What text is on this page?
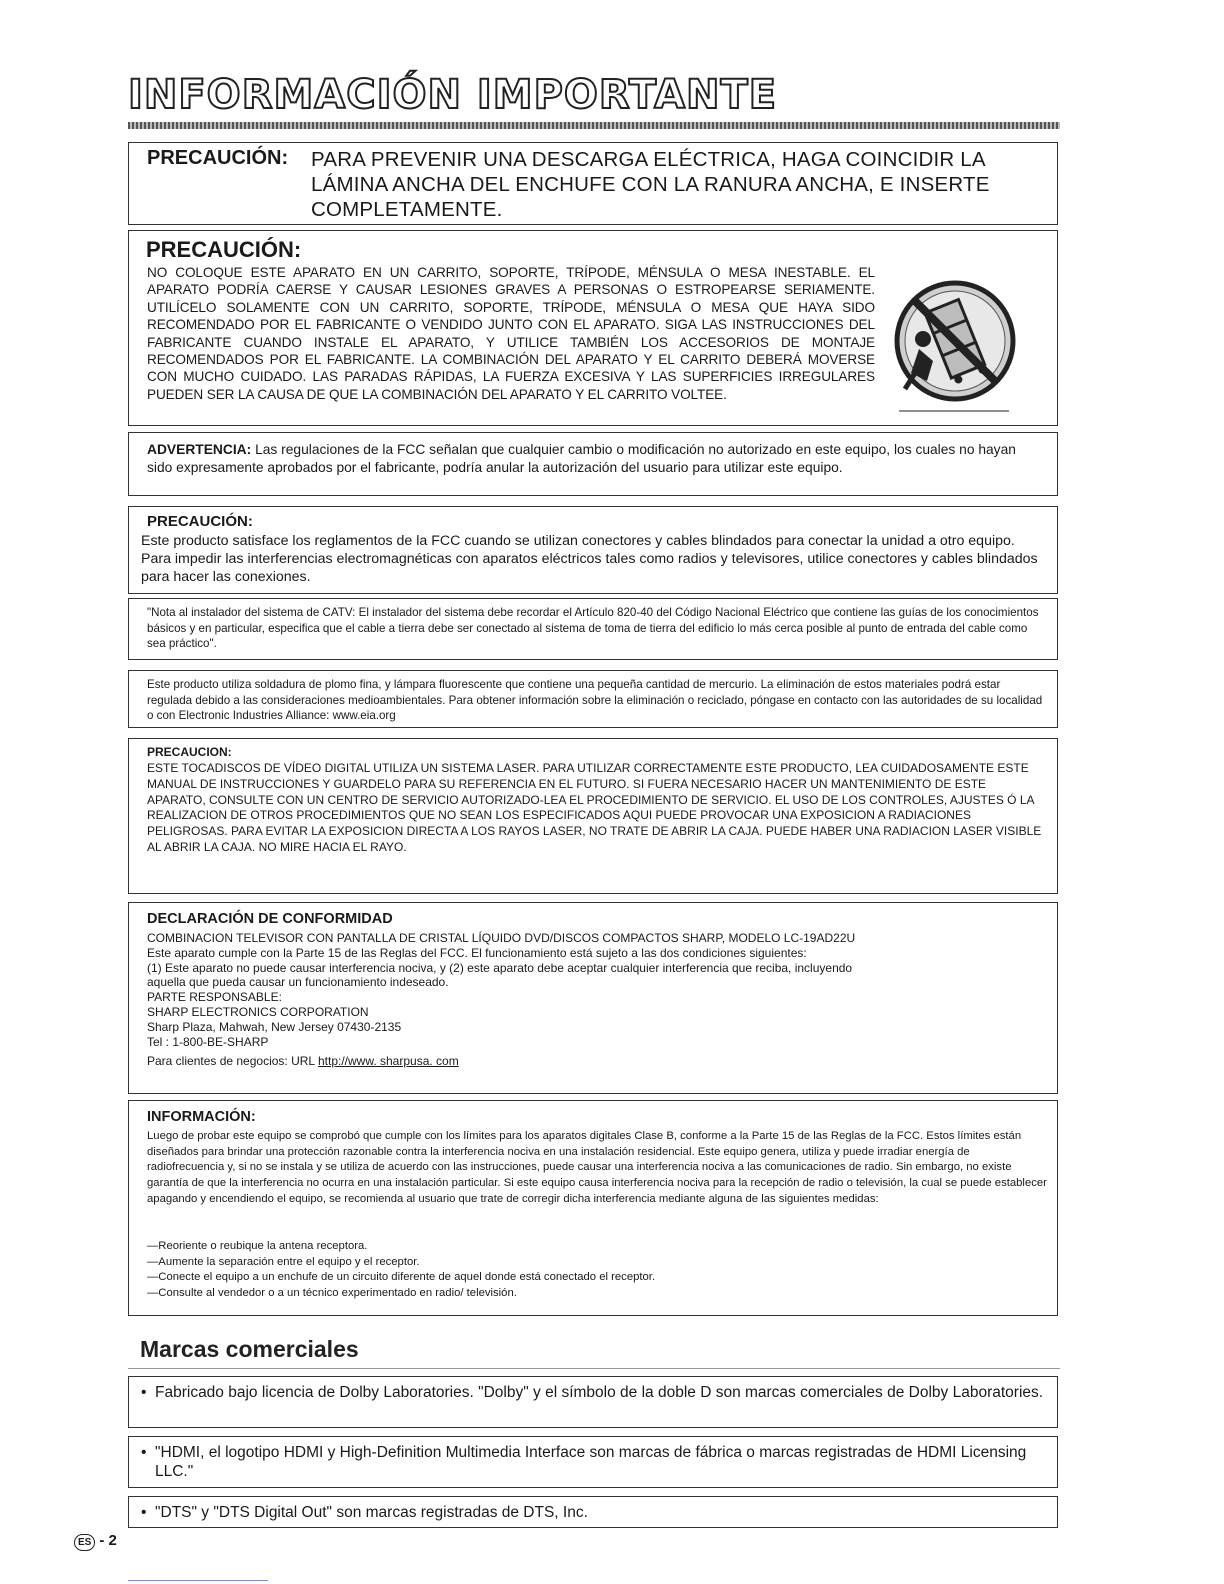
INFORMACIÓN IMPORTANTE
PRECAUCIÓN: PARA PREVENIR UNA DESCARGA ELÉCTRICA, HAGA COINCIDIR LA LÁMINA ANCHA DEL ENCHUFE CON LA RANURA ANCHA, E INSERTE COMPLETAMENTE.

PRECAUCIÓN:

NO COLOQUE ESTE APARATO EN UN CARRITO, SOPORTE, TRÍPODE, MÉNSULA O MESA INESTABLE. EL APARATO PODRÍA CAERSE Y CAUSAR LESIONES GRAVES A PERSONAS O ESTROPEARSE SERIAMENTE. UTILÍCELO SOLAMENTE CON UN CARRITO, SOPORTE, TRÍPODE, MÉNSULA O MESA QUE HAYA SIDO RECOMENDADO POR EL FABRICANTE O VENDIDO JUNTO CON EL APARATO. SIGA LAS INSTRUCCIONES DEL FABRICANTE CUANDO INSTALE EL APARATO, Y UTILICE TAMBIÉN LOS ACCESORIOS DE MONTAJE RECOMENDADOS POR EL FABRICANTE. LA COMBINACIÓN DEL APARATO Y EL CARRITO DEBERÁ MOVERSE CON MUCHO CUIDADO. LAS PARADAS RÁPIDAS, LA FUERZA EXCESIVA Y LAS SUPERFICIES IRREGULARES PUEDEN SER LA CAUSA DE QUE LA COMBINACIÓN DEL APARATO Y EL CARRITO VOLTEE.

ADVERTENCIA: Las regulaciones de la FCC señalan que cualquier cambio o modificación no autorizado en este equipo, los cuales no hayan sido expresamente aprobados por el fabricante, podría anular la autorización del usuario para utilizar este equipo.

PRECAUCIÓN:

Este producto satisface los reglamentos de la FCC cuando se utilizan conectores y cables blindados para conectar la unidad a otro equipo. Para impedir las interferencias electromagnéticas con aparatos eléctricos tales como radios y televisores, utilice conectores y cables blindados para hacer las conexiones.

"Nota al instalador del sistema de CATV: El instalador del sistema debe recordar el Artículo 820-40 del Código Nacional Eléctrico que contiene las guías de los conocimientos básicos y en particular, especifica que el cable a tierra debe ser conectado al sistema de toma de tierra del edificio lo más cerca posible al punto de entrada del cable como sea práctico".

Este producto utiliza soldadura de plomo fina, y lámpara fluorescente que contiene una pequeña cantidad de mercurio. La eliminación de estos materiales podrá estar regulada debido a las consideraciones medioambientales. Para obtener información sobre la eliminación o reciclado, póngase en contacto con las autoridades de su localidad o con Electronic Industries Alliance: www.eia.org

PRECAUCION:

ESTE TOCADISCOS DE VÍDEO DIGITAL UTILIZA UN SISTEMA LASER. PARA UTILIZAR CORRECTAMENTE ESTE PRODUCTO, LEA CUIDADOSAMENTE ESTE MANUAL DE INSTRUCCIONES Y GUARDELO PARA SU REFERENCIA EN EL FUTURO. SI FUERA NECESARIO HACER UN MANTENIMIENTO DE ESTE APARATO, CONSULTE CON UN CENTRO DE SERVICIO AUTORIZADO-LEA EL PROCEDIMIENTO DE SERVICIO. EL USO DE LOS CONTROLES, AJUSTES Ó LA REALIZACION DE OTROS PROCEDIMIENTOS QUE NO SEAN LOS ESPECIFICADOS AQUI PUEDE PROVOCAR UNA EXPOSICION A RADIACIONES PELIGROSAS. PARA EVITAR LA EXPOSICION DIRECTA A LOS RAYOS LASER, NO TRATE DE ABRIR LA CAJA. PUEDE HABER UNA RADIACION LASER VISIBLE AL ABRIR LA CAJA. NO MIRE HACIA EL RAYO.

DECLARACIÓN DE CONFORMIDAD
COMBINACION TELEVISOR CON PANTALLA DE CRISTAL LÍQUIDO DVD/DISCOS COMPACTOS SHARP, MODELO LC-19AD22U
Este aparato cumple con la Parte 15 de las Reglas del FCC. El funcionamiento está sujeto a las dos condiciones siguientes:
(1) Este aparato no puede causar interferencia nociva, y (2) este aparato debe aceptar cualquier interferencia que reciba, incluyendo
aquella que pueda causar un funcionamiento indeseado.
PARTE RESPONSABLE:
SHARP ELECTRONICS CORPORATION
Sharp Plaza, Mahwah, New Jersey 07430-2135
Tel : 1-800-BE-SHARP
Para clientes de negocios: URL http://www. sharpusa. com
INFORMACIÓN:

Luego de probar este equipo se comprobó que cumple con los límites para los aparatos digitales Clase B, conforme a la Parte 15 de las Reglas de la FCC. Estos límites están diseñados para brindar una protección razonable contra la interferencia nociva en una instalación residencial. Este equipo genera, utiliza y puede irradiar energía de radiofrecuencia y, si no se instala y se utiliza de acuerdo con las instrucciones, puede causar una interferencia nociva a las comunicaciones de radio. Sin embargo, no existe garantía de que la interferencia no ocurra en una instalación particular. Si este equipo causa interferencia nociva para la recepción de radio o televisión, la cual se puede establecer apagando y encendiendo el equipo, se recomienda al usuario que trate de corregir dicha interferencia mediante alguna de las siguientes medidas:

—Reoriente o reubique la antena receptora.
—Aumente la separación entre el equipo y el receptor.
—Conecte el equipo a un enchufe de un circuito diferente de aquel donde está conectado el receptor.
—Consulte al vendedor o a un técnico experimentado en radio/ televisión.
Marcas comerciales
• Fabricado bajo licencia de Dolby Laboratories. "Dolby" y el símbolo de la doble D son marcas comerciales de Dolby Laboratories.
• "HDMI, el logotipo HDMI y High-Definition Multimedia Interface son marcas de fábrica o marcas registradas de HDMI Licensing LLC."
• "DTS" y "DTS Digital Out" son marcas registradas de DTS, Inc.
ES - 2
